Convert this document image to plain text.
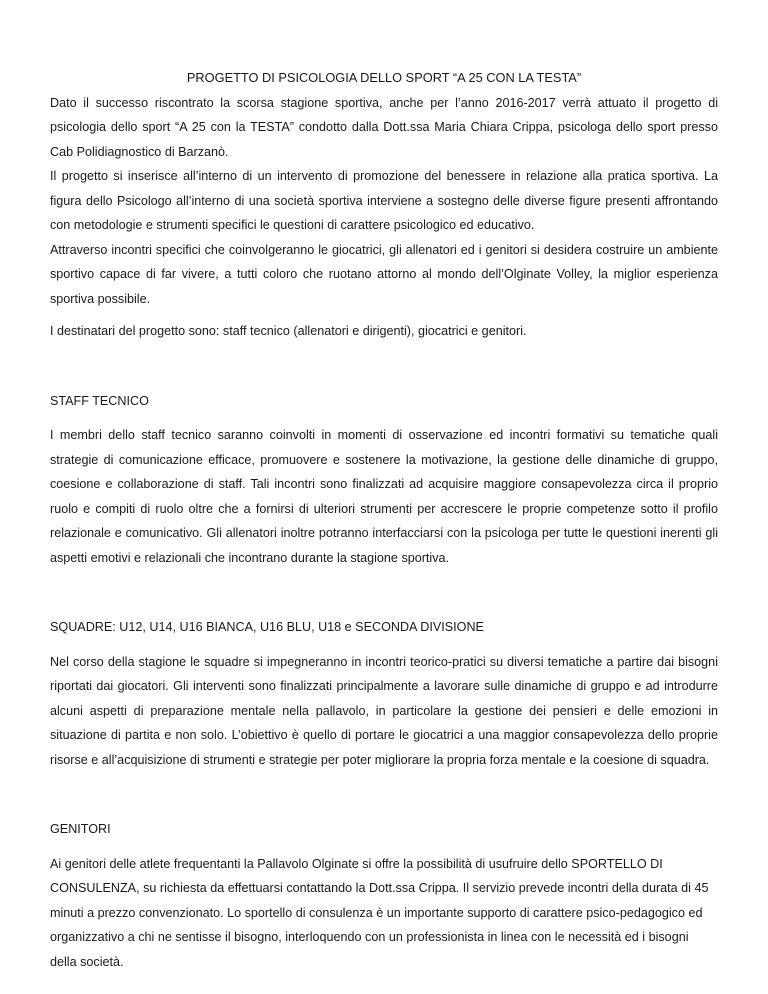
PROGETTO DI PSICOLOGIA DELLO SPORT “A 25 CON LA TESTA”

Dato il successo riscontrato la scorsa stagione sportiva, anche per l’anno 2016-2017 verrà attuato il progetto di psicologia dello sport “A 25 con la TESTA” condotto dalla Dott.ssa Maria Chiara Crippa, psicologa dello sport presso Cab Polidiagnostico di Barzanò.

Il progetto si inserisce all’interno di un intervento di promozione del benessere in relazione alla pratica sportiva. La figura dello Psicologo all’interno di una società sportiva interviene a sostegno delle diverse figure presenti affrontando con metodologie e strumenti specifici le questioni di carattere psicologico ed educativo.

Attraverso incontri specifici che coinvolgeranno le giocatrici, gli allenatori ed i genitori si desidera costruire un ambiente sportivo capace di far vivere, a tutti coloro che ruotano attorno al mondo dell’Olginate Volley, la miglior esperienza sportiva possibile.

I destinatari del progetto sono: staff tecnico (allenatori e dirigenti), giocatrici e genitori.

STAFF TECNICO

I membri dello staff tecnico saranno coinvolti in momenti di osservazione ed incontri formativi su tematiche quali strategie di comunicazione efficace, promuovere e sostenere la motivazione, la gestione delle dinamiche di gruppo, coesione e collaborazione di staff. Tali incontri sono finalizzati ad acquisire maggiore consapevolezza circa il proprio ruolo e compiti di ruolo oltre che a fornirsi di ulteriori strumenti per accrescere le proprie competenze sotto il profilo relazionale e comunicativo. Gli allenatori inoltre potranno interfacciarsi con la psicologa per tutte le questioni inerenti gli aspetti emotivi e relazionali che incontrano durante la stagione sportiva.

SQUADRE: U12, U14, U16 BIANCA, U16 BLU, U18 e SECONDA DIVISIONE

Nel corso della stagione le squadre si impegneranno in incontri teorico-pratici su diversi tematiche a partire dai bisogni riportati dai giocatori. Gli interventi sono finalizzati principalmente a lavorare sulle dinamiche di gruppo e ad introdurre alcuni aspetti di preparazione mentale nella pallavolo, in particolare la gestione dei pensieri e delle emozioni in situazione di partita e non solo. L’obiettivo è quello di portare le giocatrici a una maggior consapevolezza dello proprie risorse e all’acquisizione di strumenti e strategie per poter migliorare la propria forza mentale e la coesione di squadra.

GENITORI

Ai genitori delle atlete frequentanti la Pallavolo Olginate si offre la possibilità di usufruire dello SPORTELLO DI CONSULENZA, su richiesta da effettuarsi contattando la Dott.ssa Crippa. Il servizio prevede incontri della durata di 45 minuti a prezzo convenzionato. Lo sportello di consulenza è un importante supporto di carattere psico-pedagogico ed organizzativo a chi ne sentisse il bisogno, interloquendo con un professionista in linea con le necessità ed i bisogni della società.
